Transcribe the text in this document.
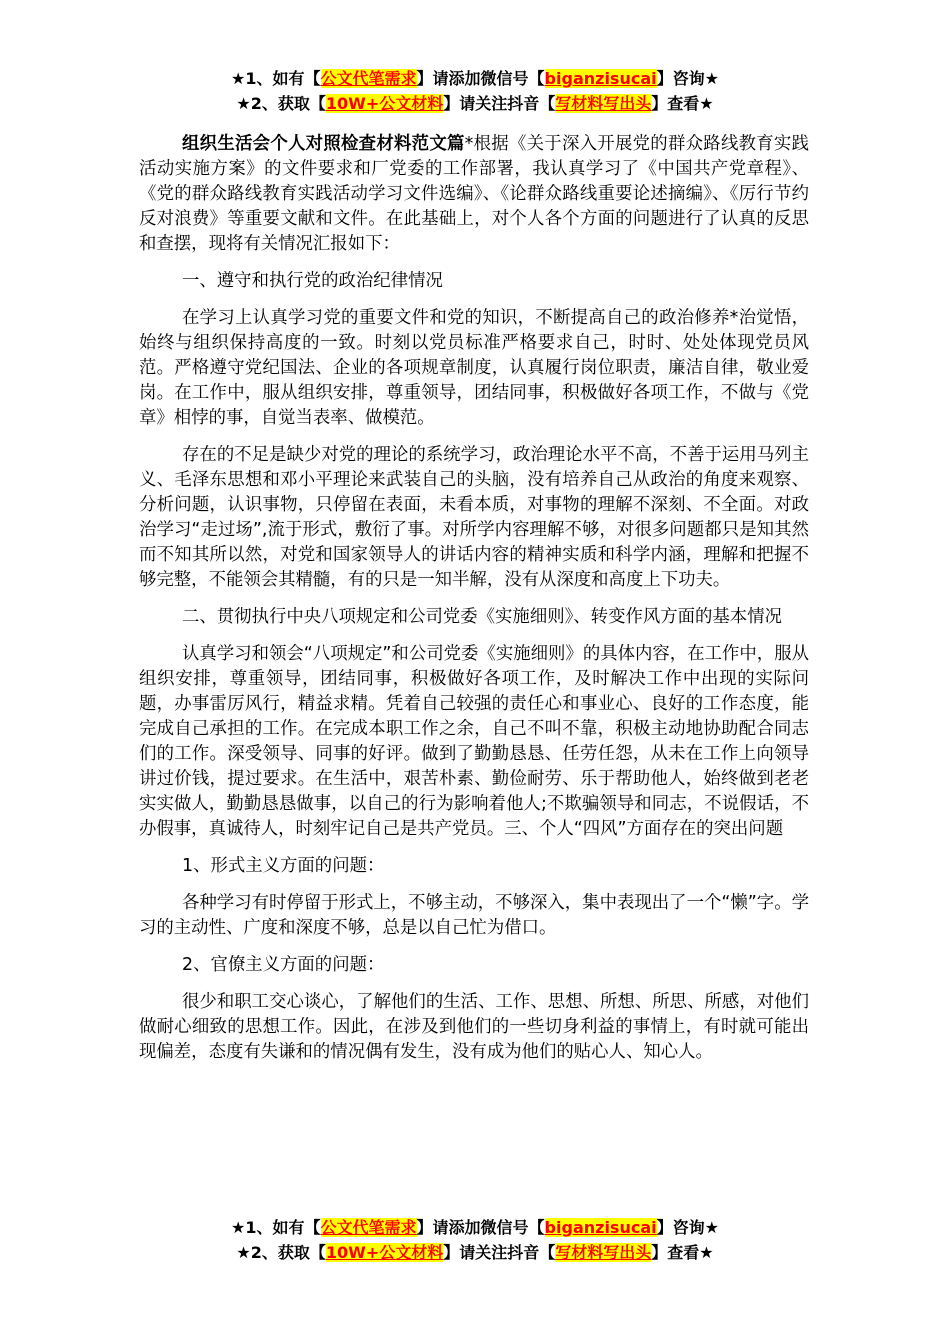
★1、如有【公文代笔需求】请添加微信号【biganzisucai】咨询★
★2、获取【10W+公文材料】请关注抖音【写材料写出头】查看★

组织生活会个人对照检查材料范文篇*根据《关于深入开展党的群众路线教育实践活动实施方案》的文件要求和厂党委的工作部署，我认真学习了《中国共产党章程》、《党的群众路线教育实践活动学习文件选编》、《论群众路线重要论述摘编》、《厉行节约反对浪费》等重要文献和文件。在此基础上，对个人各个方面的问题进行了认真的反思和查摆，现将有关情况汇报如下：

一、遵守和执行党的政治纪律情况

在学习上认真学习党的重要文件和党的知识，不断提高自己的政治修养*治觉悟，始终与组织保持高度的一致。时刻以党员标准严格要求自己，时时、处处体现党员风范。严格遵守党纪国法、企业的各项规章制度，认真履行岗位职责，廉洁自律，敬业爱岗。在工作中，服从组织安排，尊重领导，团结同事，积极做好各项工作，不做与《党章》相悖的事，自觉当表率、做模范。

存在的不足是缺少对党的理论的系统学习，政治理论水平不高，不善于运用马列主义、毛泽东思想和邓小平理论来武装自己的头脑，没有培养自己从政治的角度来观察、分析问题，认识事物，只停留在表面，未看本质，对事物的理解不深刻、不全面。对政治学习“走过场”,流于形式，敷衍了事。对所学内容理解不够，对很多问题都只是知其然而不知其所以然，对党和国家领导人的讲话内容的精神实质和科学内涵，理解和把握不够完整，不能领会其精髓，有的只是一知半解，没有从深度和高度上下功夫。

二、贯彻执行中央八项规定和公司党委《实施细则》、转变作风方面的基本情况

认真学习和领会“八项规定”和公司党委《实施细则》的具体内容，在工作中，服从组织安排，尊重领导，团结同事，积极做好各项工作，及时解决工作中出现的实际问题，办事雷厉风行，精益求精。凭着自己较强的责任心和事业心、良好的工作态度，能完成自己承担的工作。在完成本职工作之余，自己不叫不靠，积极主动地协助配合同志们的工作。深受领导、同事的好评。做到了勤勤恳恳、任劳任怨，从未在工作上向领导讲过价钱，提过要求。在生活中，艰苦朴素、勤俭耐劳、乐于帮助他人，始终做到老老实实做人，勤勤恳恳做事，以自己的行为影响着他人;不欺骗领导和同志，不说假话，不办假事，真诚待人，时刻牢记自己是共产党员。三、个人“四风”方面存在的突出问题

1、形式主义方面的问题：

各种学习有时停留于形式上，不够主动，不够深入，集中表现出了一个“懒”字。学习的主动性、广度和深度不够，总是以自己忙为借口。

2、官僚主义方面的问题：

很少和职工交心谈心，了解他们的生活、工作、思想、所想、所思、所感，对他们做耐心细致的思想工作。因此，在涉及到他们的一些切身利益的事情上，有时就可能出现偏差，态度有失谦和的情况偶有发生，没有成为他们的贴心人、知心人。

★1、如有【公文代笔需求】请添加微信号【biganzisucai】咨询★
★2、获取【10W+公文材料】请关注抖音【写材料写出头】查看★
